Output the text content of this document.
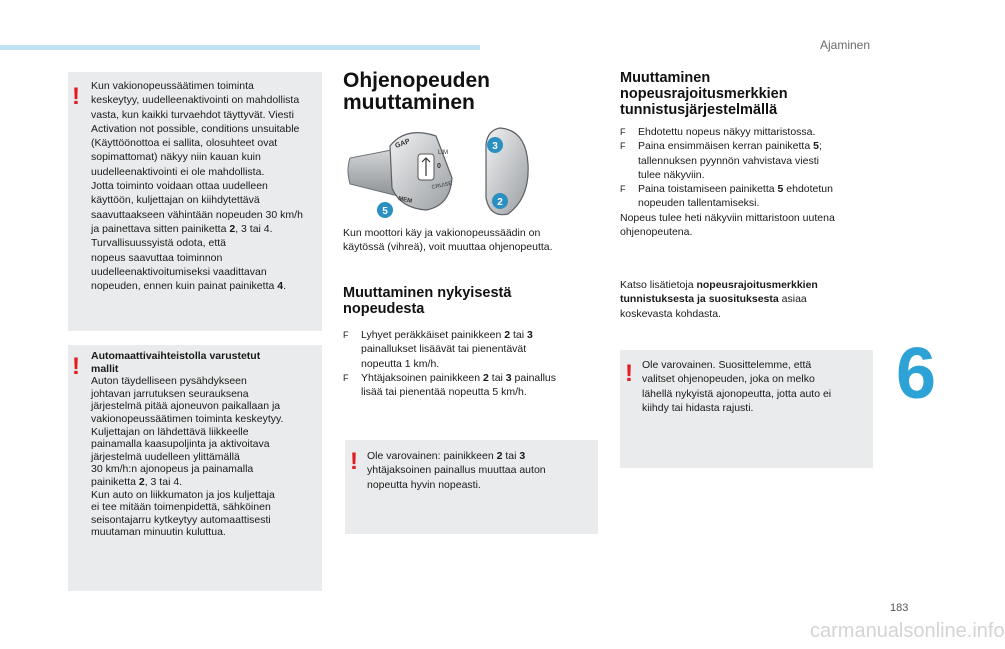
Ajaminen
6
183
carmanualsonline.info
! Kun vakionopeussäätimen toiminta
keskeytyy, uudelleenaktivointi on mahdollista
vasta, kun kaikki turvaehdot täyttyvät. Viesti
Activation not possible, conditions unsuitable
(Käyttöönottoa ei sallita, olosuhteet ovat
sopimattomat) näkyy niin kauan kuin
uudelleenaktivointi ei ole mahdollista.
Jotta toiminto voidaan ottaa uudelleen
käyttöön, kuljettajan on kiihdytettävä
saavuttaakseen vähintään nopeuden 30 km/h
ja painettava sitten painiketta 2, 3 tai 4.
Turvallisuussyistä odota, että
nopeus saavuttaa toiminnon
uudelleenaktivoitumiseksi vaadittavan
nopeuden, ennen kuin painat painiketta 4.
! Automaattivaihteistolla varustetut
mallit
Auton täydelliseen pysähdykseen
johtavan jarrutuksen seurauksena
järjestelmä pitää ajoneuvon paikallaan ja
vakionopeussäätimen toiminta keskeytyy.
Kuljettajan on lähdettävä liikkeelle
painamalla kaasupoljinta ja aktivoitava
järjestelmä uudelleen ylittämällä
30 km/h:n ajonopeus ja painamalla
painiketta 2, 3 tai 4.
Kun auto on liikkumaton ja jos kuljettaja
ei tee mitään toimenpidettä, sähköinen
seisontajarru kytkeytyy automaattisesti
muutaman minuutin kuluttua.
Ohjenopeuden
muuttaminen
GAP
LIM
0
CRUISE
MEM
3
2
5
Kun moottori käy ja vakionopeussäädin on
käytössä (vihreä), voit muuttaa ohjenopeutta.
Muuttaminen nykyisestä
nopeudesta
F Lyhyet peräkkäiset painikkeen 2 tai 3
painallukset lisäävät tai pienentävät
nopeutta 1 km/h.
F Yhtäjaksoinen painikkeen 2 tai 3 painallus
lisää tai pienentää nopeutta 5 km/h.
! Ole varovainen: painikkeen 2 tai 3
yhtäjaksoinen painallus muuttaa auton
nopeutta hyvin nopeasti.
Muuttaminen
nopeusrajoitusmerkkien
tunnistusjärjestelmällä
F Ehdotettu nopeus näkyy mittaristossa.
F Paina ensimmäisen kerran painiketta 5;
tallennuksen pyynnön vahvistava viesti
tulee näkyviin.
F Paina toistamiseen painiketta 5 ehdotetun
nopeuden tallentamiseksi.
Nopeus tulee heti näkyviin mittaristoon uutena
ohjenopeutena.
Katso lisätietoja nopeusrajoitusmerkkien
tunnistuksesta ja suosituksesta asiaa
koskevasta kohdasta.
! Ole varovainen. Suosittelemme, että
valitset ohjenopeuden, joka on melko
lähellä nykyistä ajonopeutta, jotta auto ei
kiihdy tai hidasta rajusti.
